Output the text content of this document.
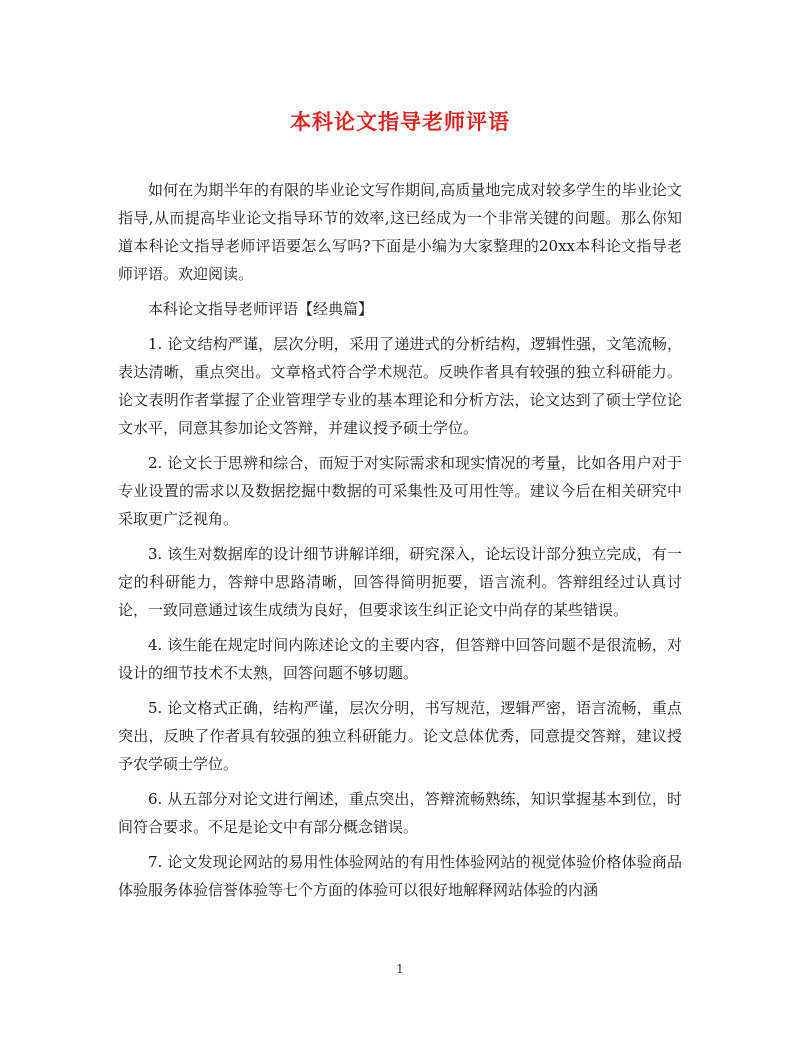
本科论文指导老师评语

如何在为期半年的有限的毕业论文写作期间,高质量地完成对较多学生的毕业论文指导,从而提高毕业论文指导环节的效率,这已经成为一个非常关键的问题。那么你知道本科论文指导老师评语要怎么写吗?下面是小编为大家整理的20xx本科论文指导老师评语。欢迎阅读。

本科论文指导老师评语【经典篇】

1. 论文结构严谨，层次分明，采用了递进式的分析结构，逻辑性强，文笔流畅，表达清晰，重点突出。文章格式符合学术规范。反映作者具有较强的独立科研能力。论文表明作者掌握了企业管理学专业的基本理论和分析方法，论文达到了硕士学位论文水平，同意其参加论文答辩，并建议授予硕士学位。

2. 论文长于思辨和综合，而短于对实际需求和现实情况的考量，比如各用户对于专业设置的需求以及数据挖掘中数据的可采集性及可用性等。建议今后在相关研究中采取更广泛视角。

3. 该生对数据库的设计细节讲解详细，研究深入，论坛设计部分独立完成，有一定的科研能力，答辩中思路清晰，回答得简明扼要，语言流利。答辩组经过认真讨论，一致同意通过该生成绩为良好，但要求该生纠正论文中尚存的某些错误。

4. 该生能在规定时间内陈述论文的主要内容，但答辩中回答问题不是很流畅，对设计的细节技术不太熟，回答问题不够切题。

5. 论文格式正确，结构严谨，层次分明，书写规范，逻辑严密，语言流畅，重点突出，反映了作者具有较强的独立科研能力。论文总体优秀，同意提交答辩，建议授予农学硕士学位。

6. 从五部分对论文进行阐述，重点突出，答辩流畅熟练，知识掌握基本到位，时间符合要求。不足是论文中有部分概念错误。

7. 论文发现论网站的易用性体验网站的有用性体验网站的视觉体验价格体验商品体验服务体验信誉体验等七个方面的体验可以很好地解释网站体验的内涵

1
